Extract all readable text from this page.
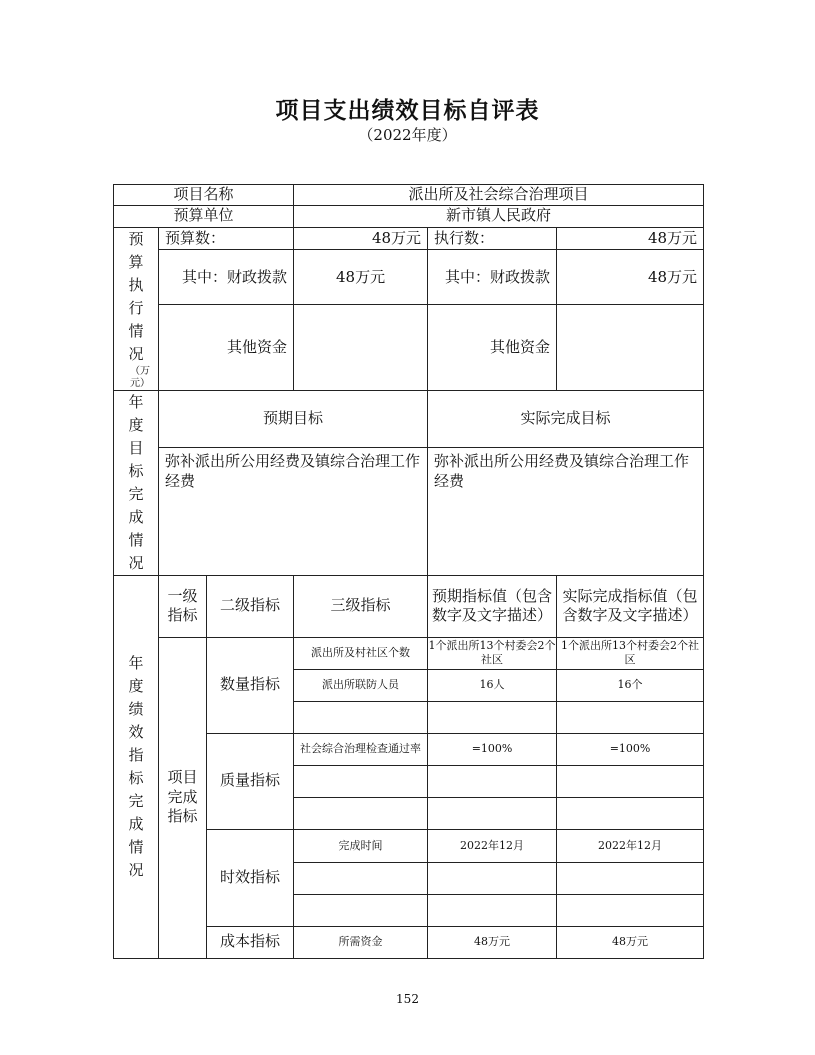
项目支出绩效目标自评表
（2022年度）
项目名称			派出所及社会综合治理项目		
预算单位			新市镇人民政府		

预算执行情况
（万元）	预算数：		48万元	执行数：	48万元
	其中：财政拨款		48万元	其中：财政拨款	48万元
	其他资金			其他资金	

年度目标完成情况	预期目标			实际完成目标	
	弥补派出所公用经费及镇综合治理工作经费			弥补派出所公用经费及镇综合治理工作经费	

年度绩效指标完成情况	一级指标	二级指标	三级指标	预期指标值（包含数字及文字描述）	实际完成指标值（包含数字及文字描述）

	项目完成指标	数量指标	派出所及村社区个数	1个派出所13个村委会2个社区	1个派出所13个村委会2个社区
			派出所联防人员	16人	16个

		质量指标	社会综合治理检查通过率	=100%	=100%

		时效指标	完成时间	2022年12月	2022年12月

		成本指标	所需资金	48万元	48万元
152
